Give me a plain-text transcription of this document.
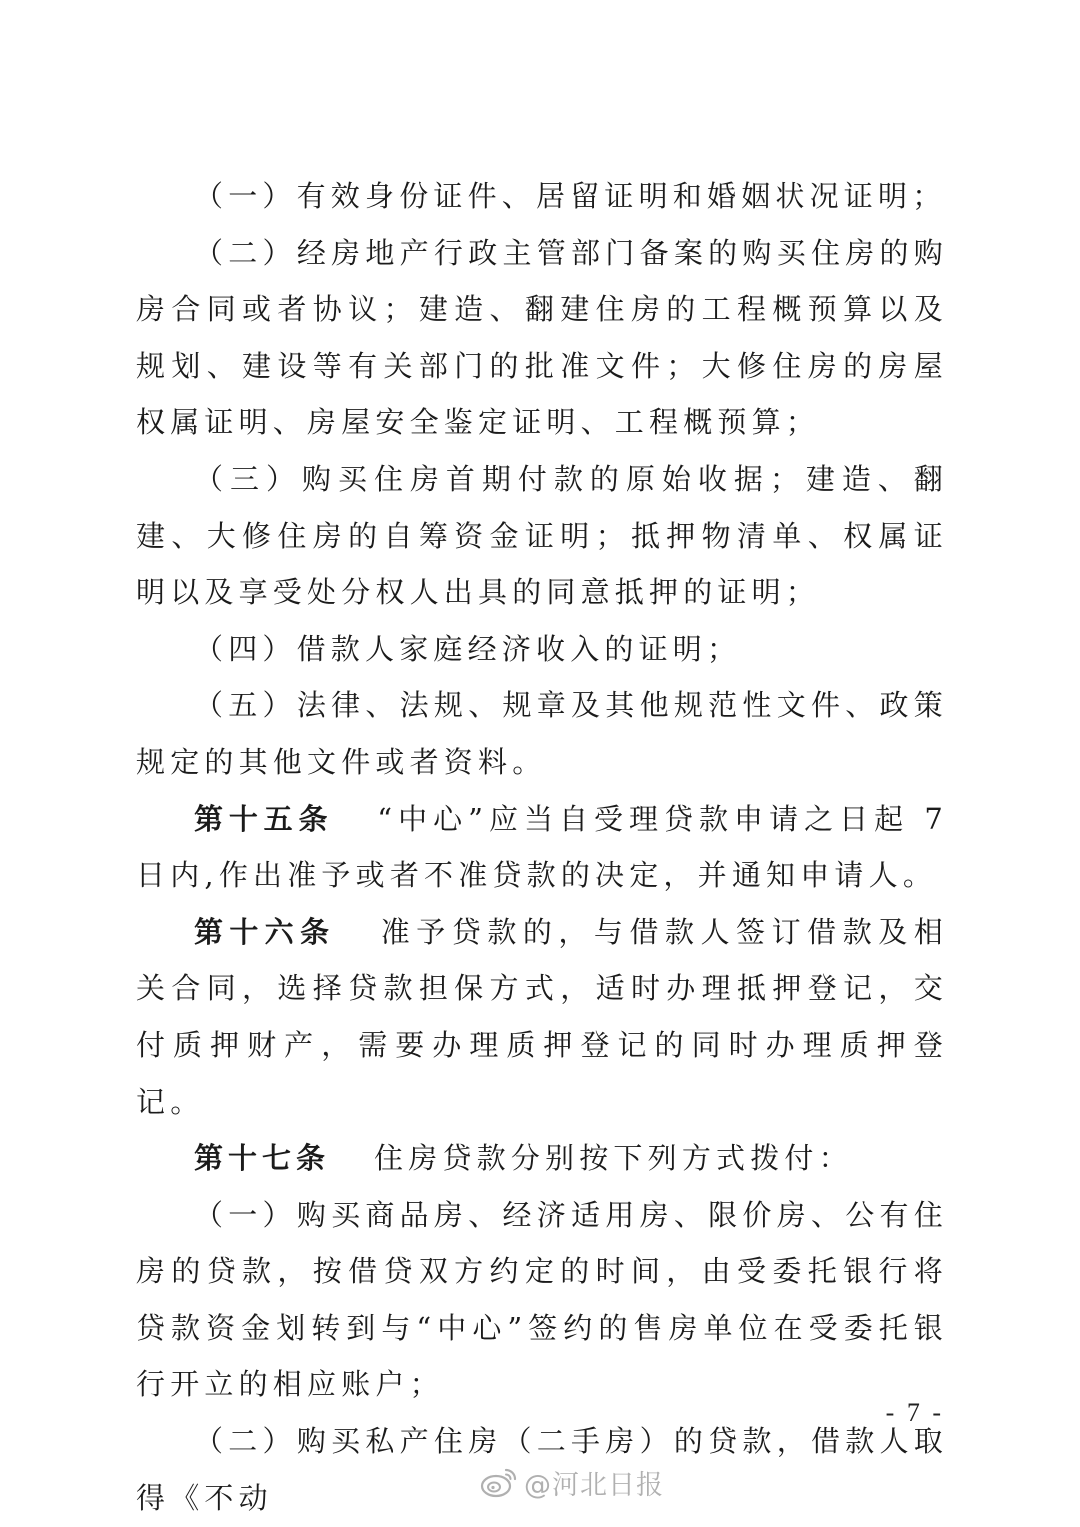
（一）有效身份证件、居留证明和婚姻状况证明；

（二）经房地产行政主管部门备案的购买住房的购房合同或者协议；建造、翻建住房的工程概预算以及规划、建设等有关部门的批准文件；大修住房的房屋权属证明、房屋安全鉴定证明、工程概预算；

（三）购买住房首期付款的原始收据；建造、翻建、大修住房的自筹资金证明；抵押物清单、权属证明以及享受处分权人出具的同意抵押的证明；

（四）借款人家庭经济收入的证明；

（五）法律、法规、规章及其他规范性文件、政策规定的其他文件或者资料。

第十五条 “中心”应当自受理贷款申请之日起 7 日内,作出准予或者不准贷款的决定，并通知申请人。

第十六条 准予贷款的，与借款人签订借款及相关合同，选择贷款担保方式，适时办理抵押登记，交付质押财产，需要办理质押登记的同时办理质押登记。

第十七条 住房贷款分别按下列方式拨付：

（一）购买商品房、经济适用房、限价房、公有住房的贷款，按借贷双方约定的时间，由受委托银行将贷款资金划转到与“中心”签约的售房单位在受委托银行开立的相应账户；

（二）购买私产住房（二手房）的贷款，借款人取得《不动

- 7 -
@河北日报
